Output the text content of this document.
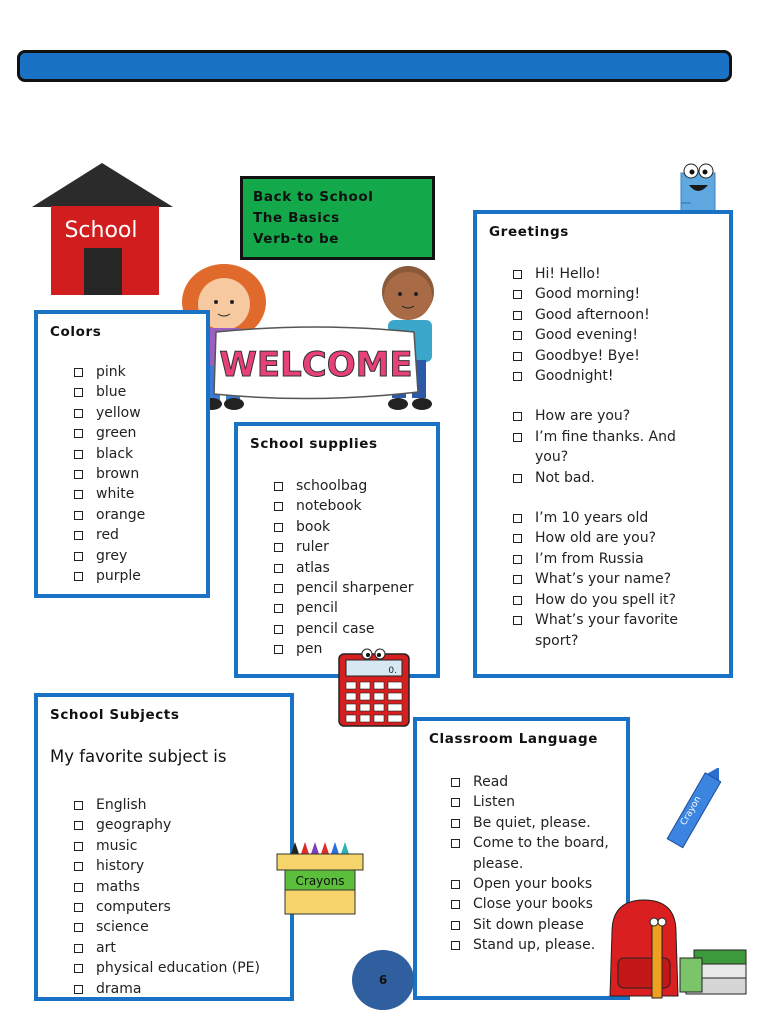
School
Back to School
The Basics
Verb-to be
WELCOME
Colors
pink
blue
yellow
green
black
brown
white
orange
red
grey
purple
School supplies
schoolbag
notebook
book
ruler
atlas
pencil sharpener
pencil
pencil case
pen
Greetings
Hi! Hello!
Good morning!
Good afternoon!
Good evening!
Goodbye! Bye!
Goodnight!
How are you?
I’m fine thanks. And you?
Not bad.
I’m 10 years old
How old are you?
I’m from Russia
What’s your name?
How do you spell it?
What’s your favorite sport?
0.
School Subjects
My favorite subject is
English
geography
music
history
maths
computers
science
art
physical education (PE)
drama
Crayons
Classroom Language
Read
Listen
Be quiet, please.
Come to the board, please.
Open your books
Close your books
Sit down please
Stand up, please.
Crayon
6
